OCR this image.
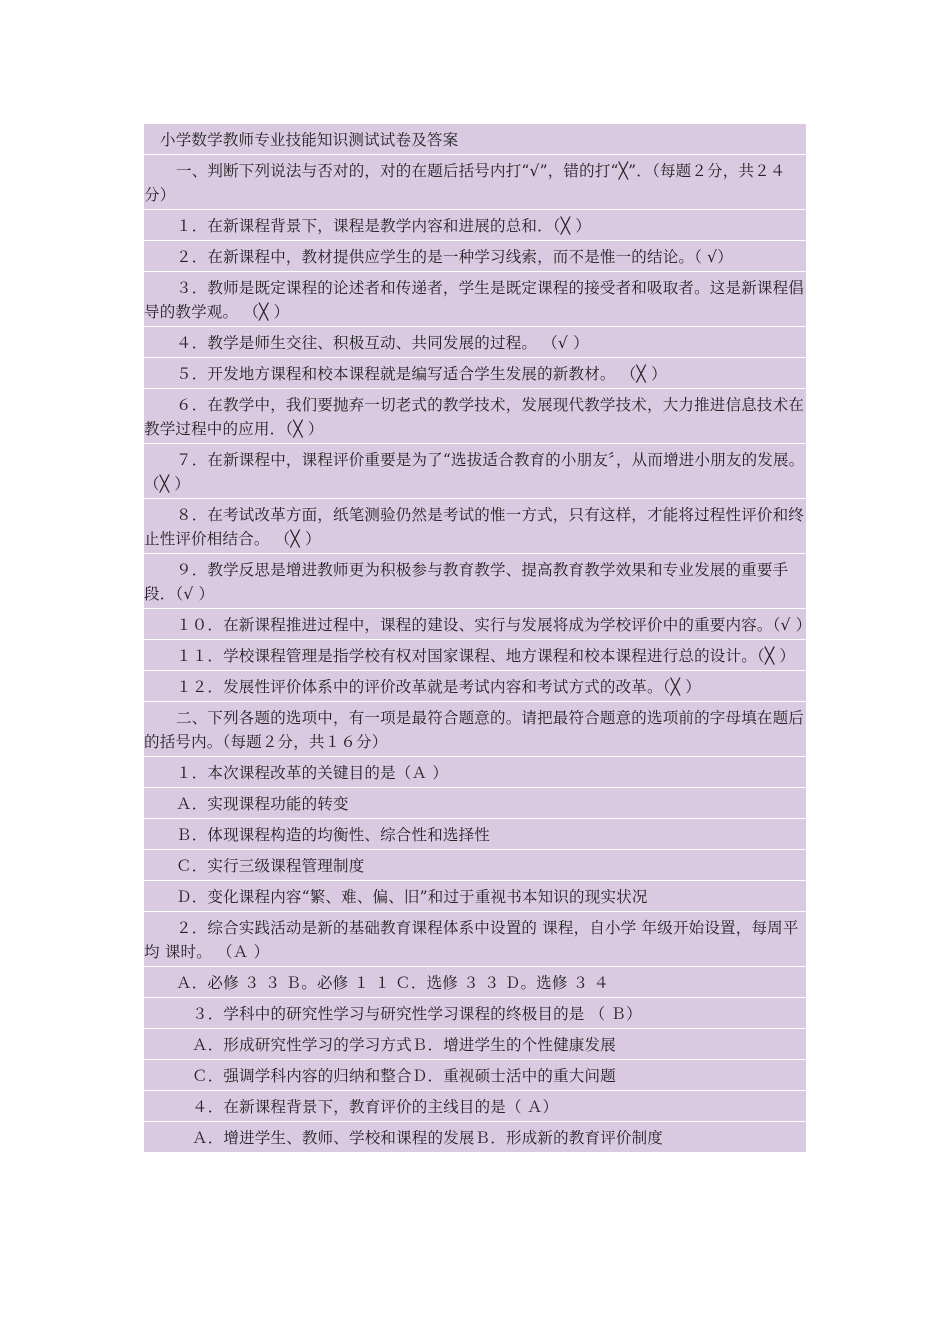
小学数学教师专业技能知识测试试卷及答案
一、判断下列说法与否对的，对的在题后括号内打“√”，错的打“╳”．（每题２分，共２４分）
１．在新课程背景下，课程是教学内容和进展的总和．（╳ ）
２．在新课程中，教材提供应学生的是一种学习线索，而不是惟一的结论。（ √）
３．教师是既定课程的论述者和传递者，学生是既定课程的接受者和吸取者。这是新课程倡导的教学观。 （╳ ）
４．教学是师生交往、积极互动、共同发展的过程。 （√ ）
５．开发地方课程和校本课程就是编写适合学生发展的新教材。 （╳ ）
６．在教学中，我们要抛弃一切老式的教学技术，发展现代教学技术，大力推进信息技术在教学过程中的应用．（╳ ）
７．在新课程中，课程评价重要是为了“选拔适合教育的小朋友〞，从而增进小朋友的发展。（╳ ）
８．在考试改革方面，纸笔测验仍然是考试的惟一方式，只有这样，才能将过程性评价和终止性评价相结合。 （╳ ）
９．教学反思是增进教师更为积极参与教育教学、提高教育教学效果和专业发展的重要手段．（√ ）
１０．在新课程推进过程中，课程的建设、实行与发展将成为学校评价中的重要内容。（√ ）
１１．学校课程管理是指学校有权对国家课程、地方课程和校本课程进行总的设计。（╳ ）
１２．发展性评价体系中的评价改革就是考试内容和考试方式的改革。（╳ ）
二、下列各题的选项中，有一项是最符合题意的。请把最符合题意的选项前的字母填在题后的括号内。（每题２分，共１６分）
１．本次课程改革的关键目的是（Ａ ）
Ａ．实现课程功能的转变
Ｂ．体现课程构造的均衡性、综合性和选择性
Ｃ．实行三级课程管理制度
Ｄ．变化课程内容“繁、难、偏、旧”和过于重视书本知识的现实状况
２．综合实践活动是新的基础教育课程体系中设置的 课程，自小学 年级开始设置，每周平均 课时。 （Ａ ）
Ａ．必修 ３ ３ Ｂ。必修 １ １ Ｃ．选修 ３ ３ Ｄ。选修 ３ ４
３．学科中的研究性学习与研究性学习课程的终极目的是 （ Ｂ）
Ａ．形成研究性学习的学习方式Ｂ．增进学生的个性健康发展
Ｃ．强调学科内容的归纳和整合Ｄ．重视硕士活中的重大问题
４．在新课程背景下，教育评价的主线目的是（ Ａ）
Ａ．增进学生、教师、学校和课程的发展Ｂ．形成新的教育评价制度
